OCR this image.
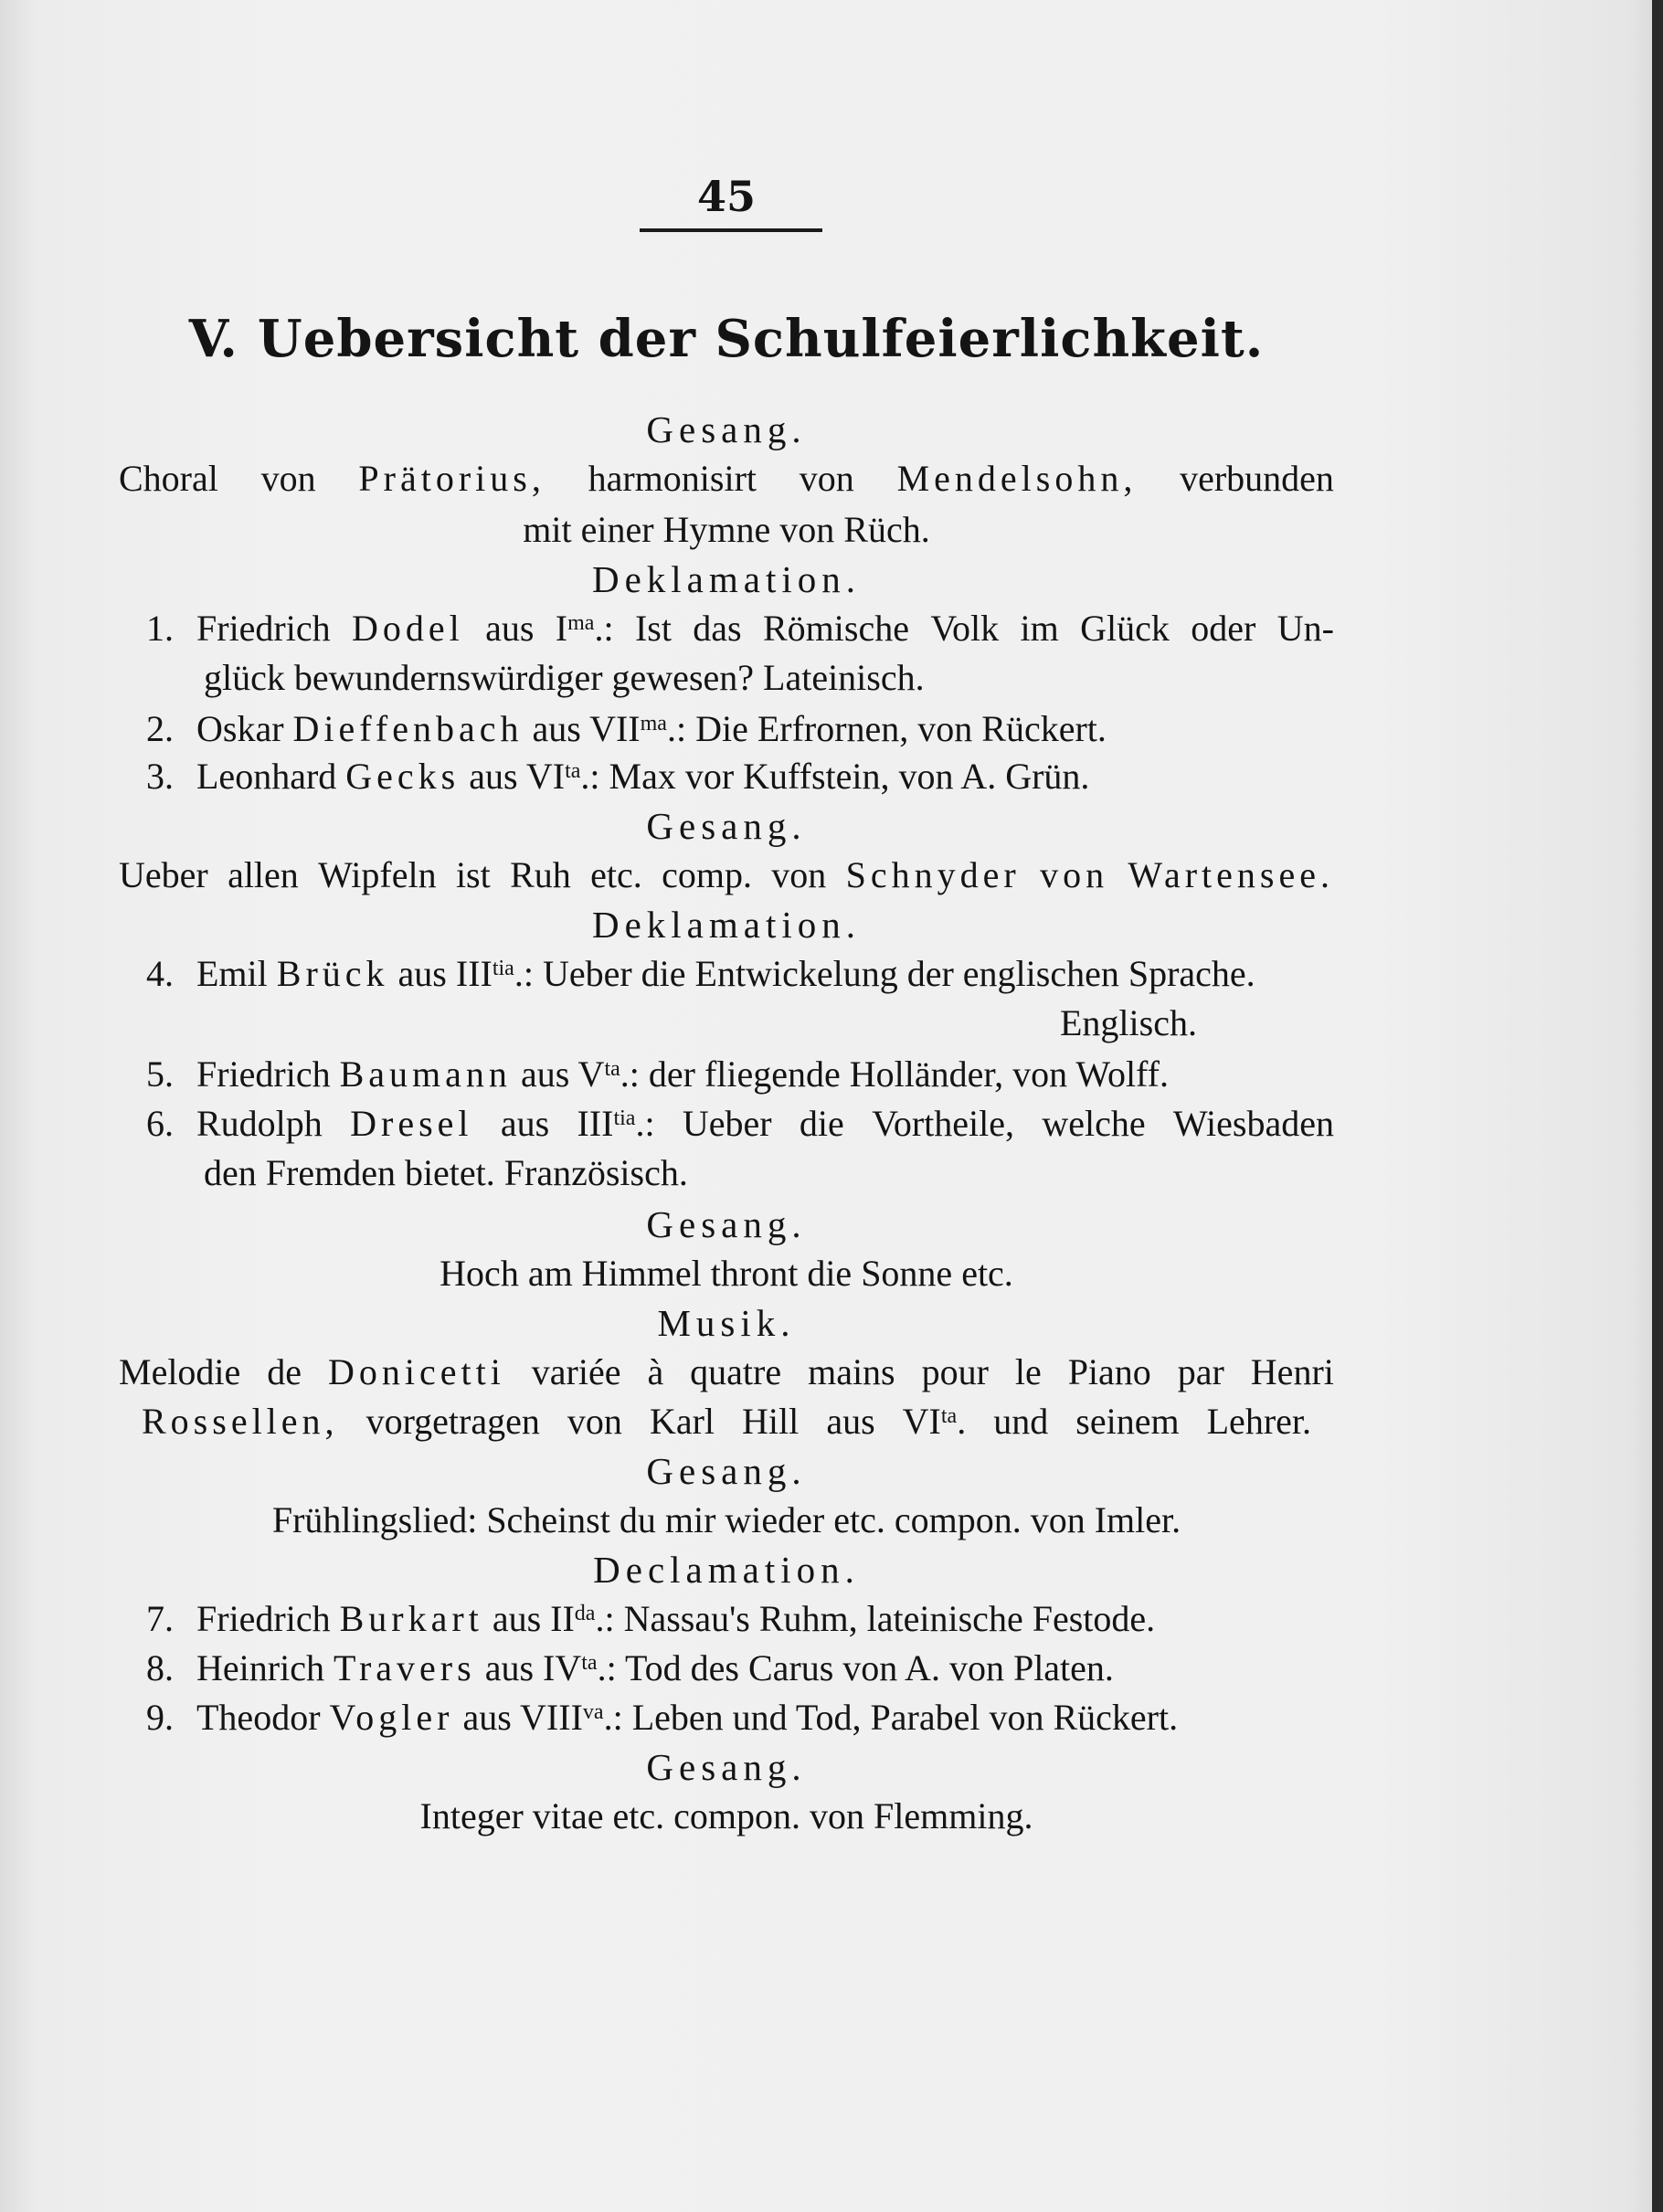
45
V. Uebersicht der Schulfeierlichkeit.
Gesang.
Choral von Prätorius, harmonisirt von Mendelsohn, verbunden
mit einer Hymne von Rüch.
Deklamation.
1. Friedrich Dodel aus $I^{ma}$.: Ist das Römische Volk im Glück oder Un-
glück bewundernswürdiger gewesen? Lateinisch.
2. Oskar Dieffenbach aus $VII^{ma}$.: Die Erfrornen, von Rückert.
3. Leonhard Gecks aus $VI^{ta}$.: Max vor Kuffstein, von A. Grün.
Gesang.
Ueber allen Wipfeln ist Ruh etc. comp. von Schnyder von Wartensee.
Deklamation.
4. Emil Brück aus $III^{tia}$.: Ueber die Entwickelung der englischen Sprache.
Englisch.
5. Friedrich Baumann aus $V^{ta}$.: der fliegende Holländer, von Wolff.
6. Rudolph Dresel aus $III^{tia}$.: Ueber die Vortheile, welche Wiesbaden
den Fremden bietet. Französisch.
Gesang.
Hoch am Himmel thront die Sonne etc.
Musik.
Melodie de Donicetti variée à quatre mains pour le Piano par Henri
Rossellen, vorgetragen von Karl Hill aus $VI^{ta}$. und seinem Lehrer.
Gesang.
Frühlingslied: Scheinst du mir wieder etc. compon. von Imler.
Declamation.
7. Friedrich Burkart aus $II^{da}$.: Nassau's Ruhm, lateinische Festode.
8. Heinrich Travers aus $IV^{ta}$.: Tod des Carus von A. von Platen.
9. Theodor Vogler aus $VIII^{va}$.: Leben und Tod, Parabel von Rückert.
Gesang.
Integer vitae etc. compon. von Flemming.
